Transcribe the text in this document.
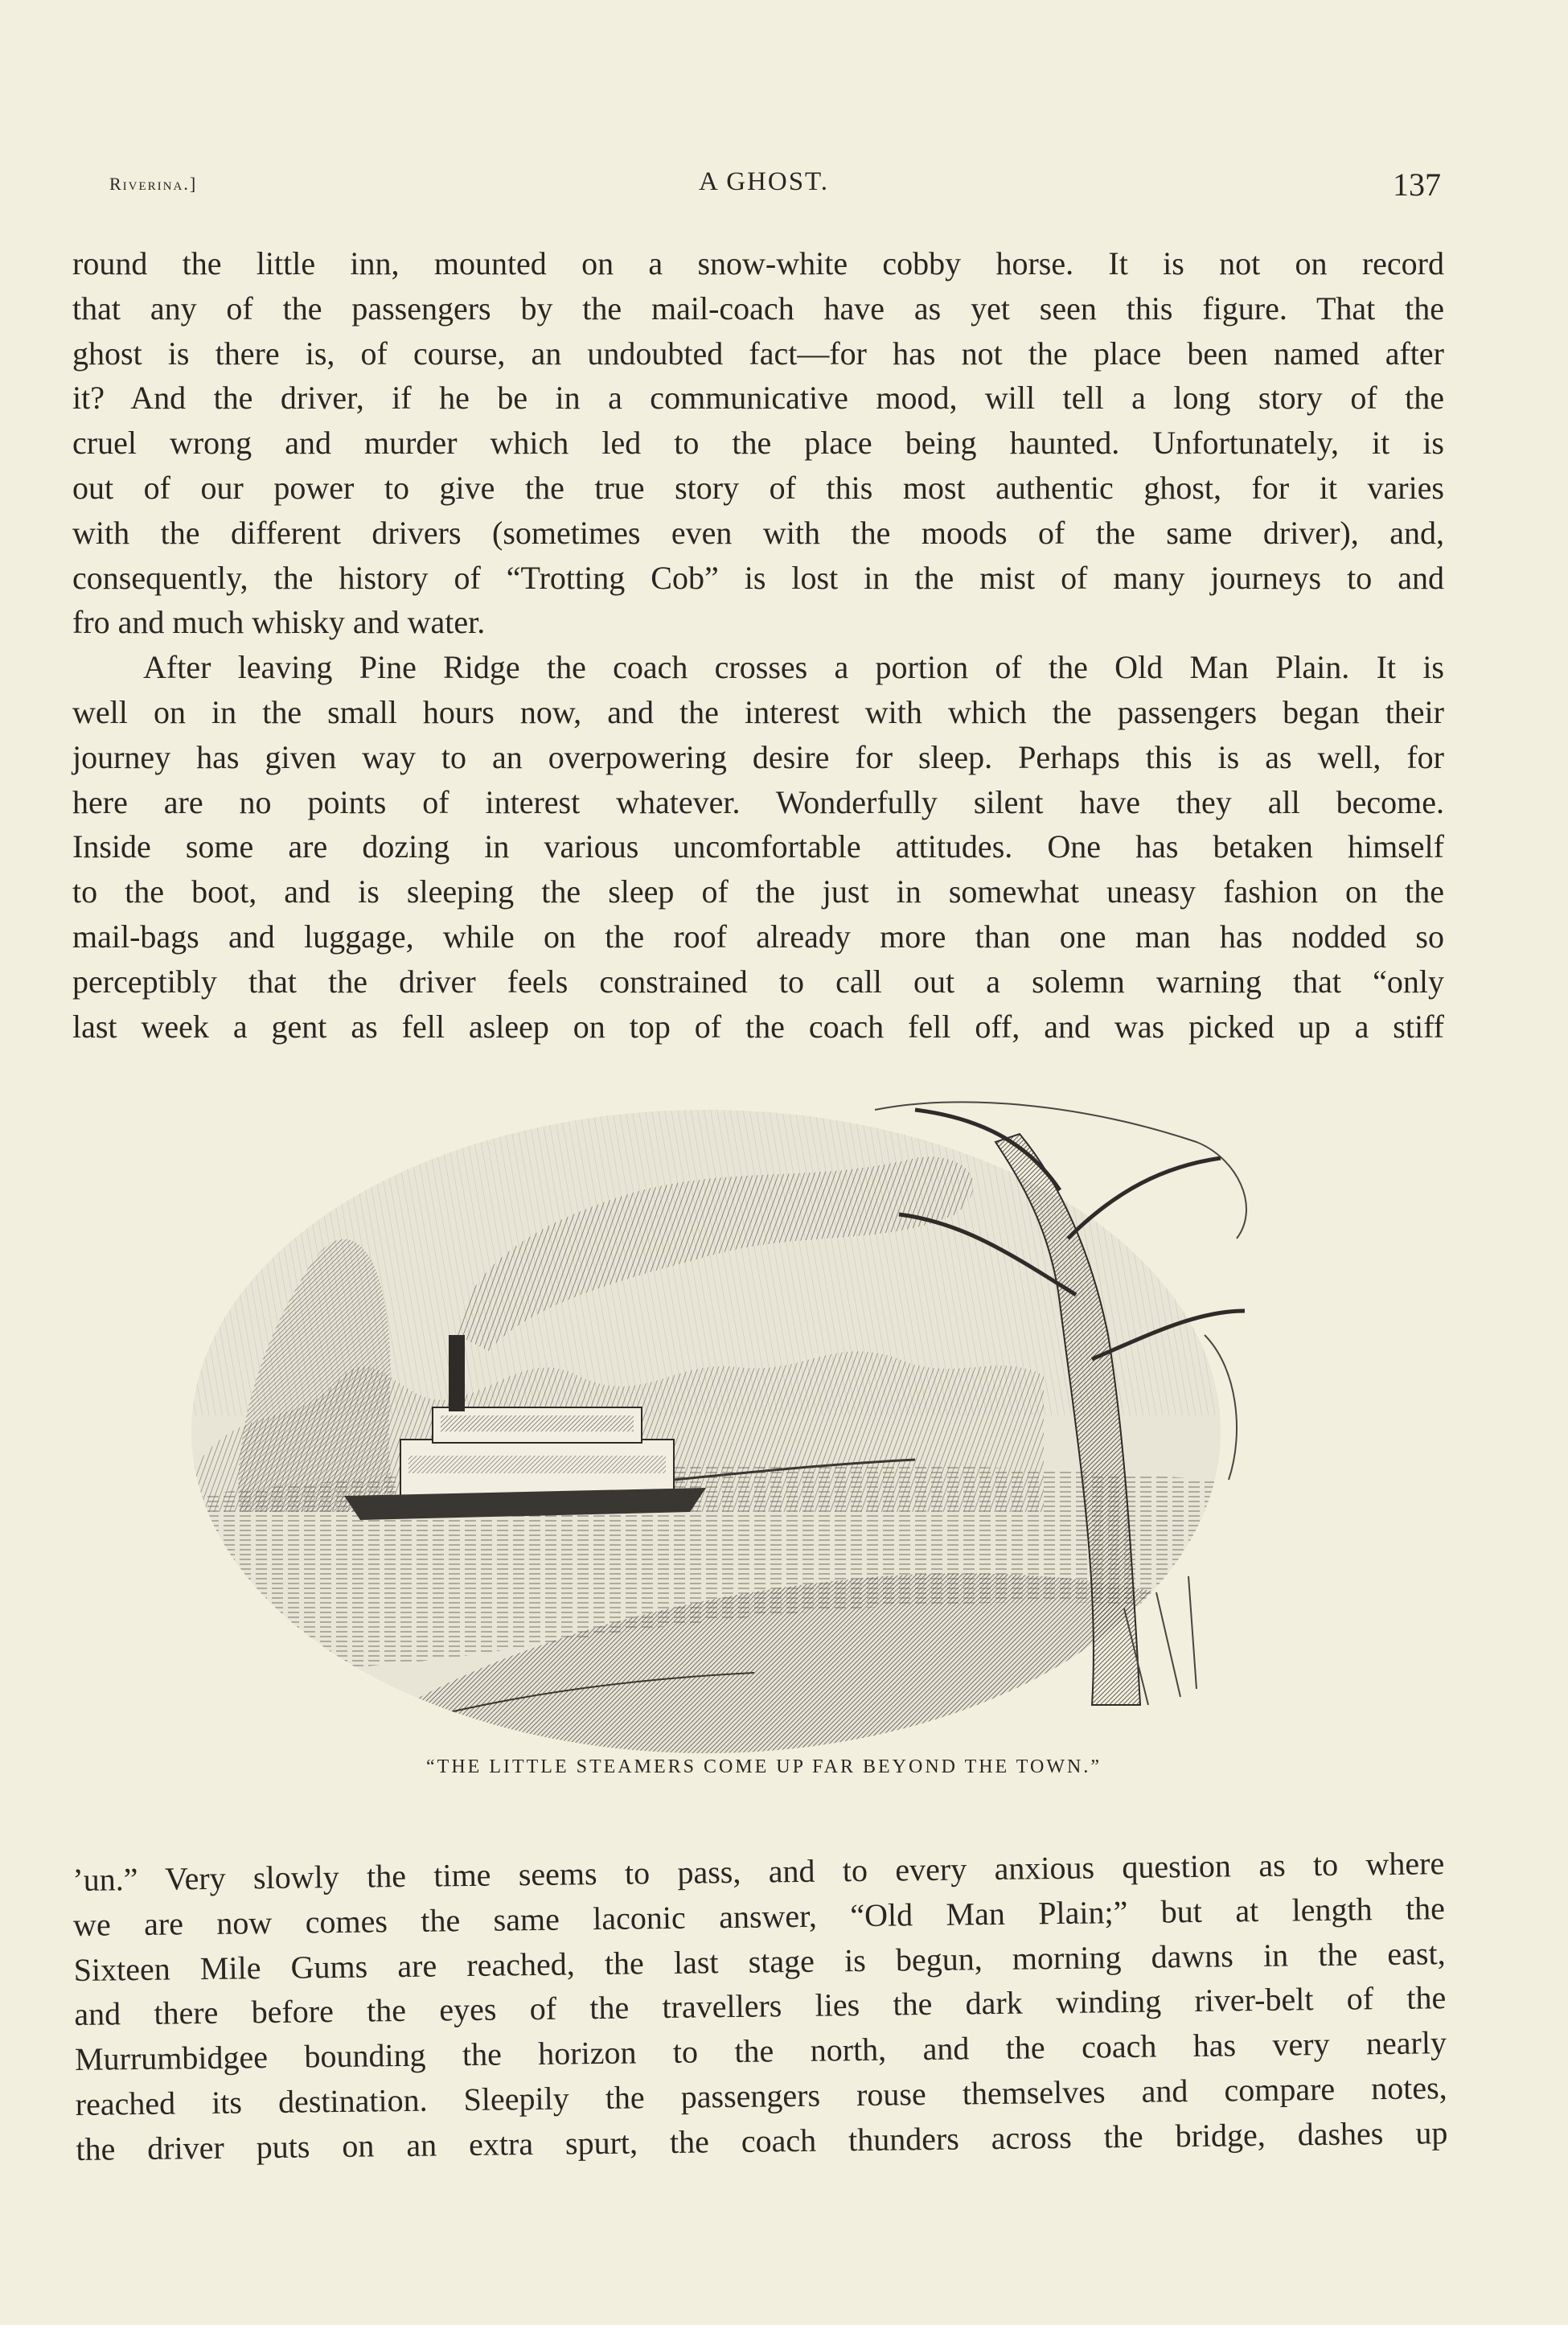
Riverina.]	A GHOST.	137
round the little inn, mounted on a snow-white cobby horse. It is not on record
that any of the passengers by the mail-coach have as yet seen this figure. That the
ghost is there is, of course, an undoubted fact—for has not the place been named after
it? And the driver, if he be in a communicative mood, will tell a long story of the
cruel wrong and murder which led to the place being haunted. Unfortunately, it is
out of our power to give the true story of this most authentic ghost, for it varies
with the different drivers (sometimes even with the moods of the same driver), and,
consequently, the history of “Trotting Cob” is lost in the mist of many journeys to and
fro and much whisky and water.
After leaving Pine Ridge the coach crosses a portion of the Old Man Plain. It is
well on in the small hours now, and the interest with which the passengers began their
journey has given way to an overpowering desire for sleep. Perhaps this is as well, for
here are no points of interest whatever. Wonderfully silent have they all become.
Inside some are dozing in various uncomfortable attitudes. One has betaken himself
to the boot, and is sleeping the sleep of the just in somewhat uneasy fashion on the
mail-bags and luggage, while on the roof already more than one man has nodded so
perceptibly that the driver feels constrained to call out a solemn warning that “only
last week a gent as fell asleep on top of the coach fell off, and was picked up a stiff
“THE LITTLE STEAMERS COME UP FAR BEYOND THE TOWN.”
’un.” Very slowly the time seems to pass, and to every anxious question as to where
we are now comes the same laconic answer, “Old Man Plain;” but at length the
Sixteen Mile Gums are reached, the last stage is begun, morning dawns in the east,
and there before the eyes of the travellers lies the dark winding river-belt of the
Murrumbidgee bounding the horizon to the north, and the coach has very nearly
reached its destination. Sleepily the passengers rouse themselves and compare notes,
the driver puts on an extra spurt, the coach thunders across the bridge, dashes up
